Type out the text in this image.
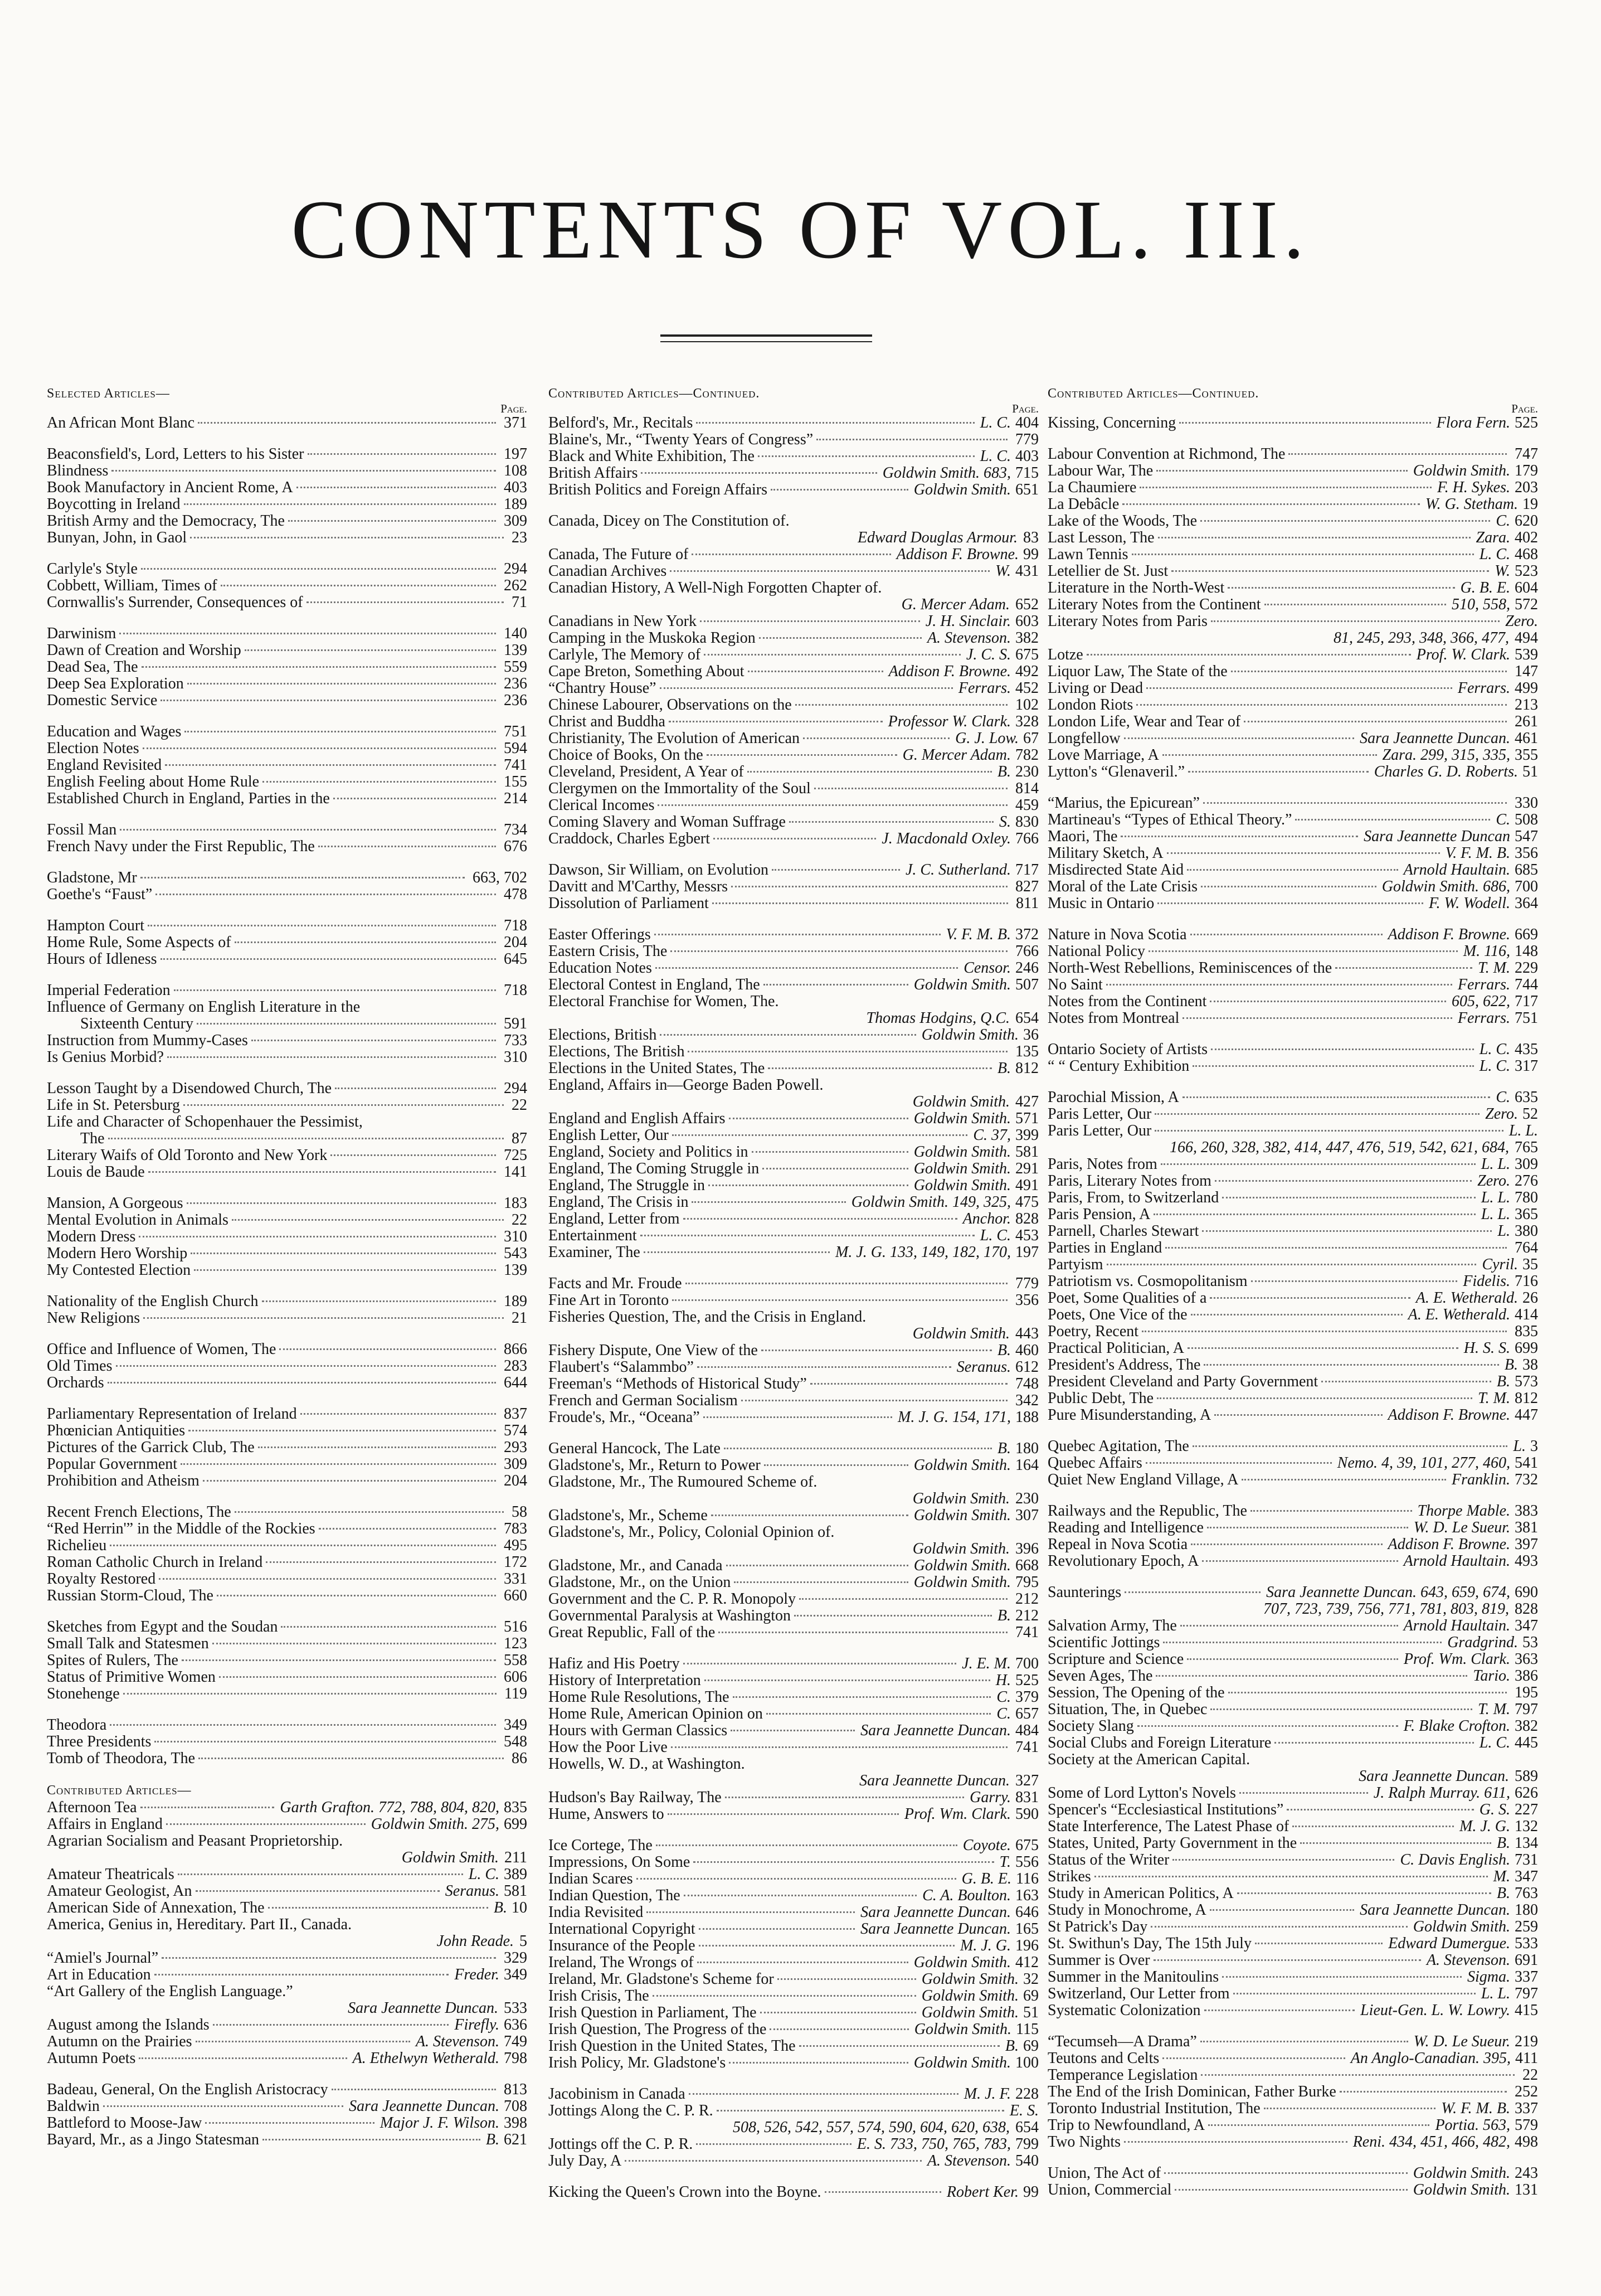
CONTENTS OF VOL. III.
Selected Articles—
Page.
An African Mont Blanc	371
Beaconsfield's, Lord, Letters to his Sister	197
Blindness	108
Book Manufactory in Ancient Rome, A	403
Boycotting in Ireland	189
British Army and the Democracy, The	309
Bunyan, John, in Gaol	23
Carlyle's Style	294
Cobbett, William, Times of	262
Cornwallis's Surrender, Consequences of	71
Darwinism	140
Dawn of Creation and Worship	139
Dead Sea, The	559
Deep Sea Exploration	236
Domestic Service	236
Education and Wages	751
Election Notes	594
England Revisited	741
English Feeling about Home Rule	155
Established Church in England, Parties in the	214
Fossil Man	734
French Navy under the First Republic, The	676
Gladstone, Mr	663, 702
Goethe's “Faust”	478
Hampton Court	718
Home Rule, Some Aspects of	204
Hours of Idleness	645
Imperial Federation	718
Influence of Germany on English Literature in the
Sixteenth Century	591
Instruction from Mummy-Cases	733
Is Genius Morbid?	310
Lesson Taught by a Disendowed Church, The	294
Life in St. Petersburg	22
Life and Character of Schopenhauer the Pessimist,
The	87
Literary Waifs of Old Toronto and New York	725
Louis de Baude	141
Mansion, A Gorgeous	183
Mental Evolution in Animals	22
Modern Dress	310
Modern Hero Worship	543
My Contested Election	139
Nationality of the English Church	189
New Religions	21
Office and Influence of Women, The	866
Old Times	283
Orchards	644
Parliamentary Representation of Ireland	837
Phœnician Antiquities	574
Pictures of the Garrick Club, The	293
Popular Government	309
Prohibition and Atheism	204
Recent French Elections, The	58
“Red Herrin'” in the Middle of the Rockies	783
Richelieu	495
Roman Catholic Church in Ireland	172
Royalty Restored	331
Russian Storm-Cloud, The	660
Sketches from Egypt and the Soudan	516
Small Talk and Statesmen	123
Spites of Rulers, The	558
Status of Primitive Women	606
Stonehenge	119
Theodora	349
Three Presidents	548
Tomb of Theodora, The	86
Contributed Articles—
Afternoon Tea	Garth Grafton. 772, 788, 804, 820, 835
Affairs in England	Goldwin Smith. 275, 699
Agrarian Socialism and Peasant Proprietorship.
Goldwin Smith. 211
Amateur Theatricals	L. C. 389
Amateur Geologist, An	Seranus. 581
American Side of Annexation, The	B. 10
America, Genius in, Hereditary. Part II., Canada.
John Reade. 5
“Amiel's Journal”	329
Art in Education	Freder. 349
“Art Gallery of the English Language.”
Sara Jeannette Duncan. 533
August among the Islands	Firefly. 636
Autumn on the Prairies	A. Stevenson. 749
Autumn Poets	A. Ethelwyn Wetherald. 798
Badeau, General, On the English Aristocracy	813
Baldwin	Sara Jeannette Duncan. 708
Battleford to Moose-Jaw	Major J. F. Wilson. 398
Bayard, Mr., as a Jingo Statesman	B. 621
Contributed Articles—Continued.
Page.
Belford's, Mr., Recitals	L. C. 404
Blaine's, Mr., “Twenty Years of Congress”	779
Black and White Exhibition, The	L. C. 403
British Affairs	Goldwin Smith. 683, 715
British Politics and Foreign Affairs	Goldwin Smith. 651
Canada, Dicey on The Constitution of.
Edward Douglas Armour. 83
Canada, The Future of	Addison F. Browne. 99
Canadian Archives	W. 431
Canadian History, A Well-Nigh Forgotten Chapter of.
G. Mercer Adam. 652
Canadians in New York	J. H. Sinclair. 603
Camping in the Muskoka Region	A. Stevenson. 382
Carlyle, The Memory of	J. C. S. 675
Cape Breton, Something About	Addison F. Browne. 492
“Chantry House”	Ferrars. 452
Chinese Labourer, Observations on the	102
Christ and Buddha	Professor W. Clark. 328
Christianity, The Evolution of American	G. J. Low. 67
Choice of Books, On the	G. Mercer Adam. 782
Cleveland, President, A Year of	B. 230
Clergymen on the Immortality of the Soul	814
Clerical Incomes	459
Coming Slavery and Woman Suffrage	S. 830
Craddock, Charles Egbert	J. Macdonald Oxley. 766
Dawson, Sir William, on Evolution	J. C. Sutherland. 717
Davitt and M'Carthy, Messrs	827
Dissolution of Parliament	811
Easter Offerings	V. F. M. B. 372
Eastern Crisis, The	766
Education Notes	Censor. 246
Electoral Contest in England, The	Goldwin Smith. 507
Electoral Franchise for Women, The.
Thomas Hodgins, Q.C. 654
Elections, British	Goldwin Smith. 36
Elections, The British	135
Elections in the United States, The	B. 812
England, Affairs in—George Baden Powell.
Goldwin Smith. 427
England and English Affairs	Goldwin Smith. 571
English Letter, Our	C. 37, 399
England, Society and Politics in	Goldwin Smith. 581
England, The Coming Struggle in	Goldwin Smith. 291
England, The Struggle in	Goldwin Smith. 491
England, The Crisis in	Goldwin Smith. 149, 325, 475
England, Letter from	Anchor. 828
Entertainment	L. C. 453
Examiner, The	M. J. G. 133, 149, 182, 170, 197
Facts and Mr. Froude	779
Fine Art in Toronto	356
Fisheries Question, The, and the Crisis in England.
Goldwin Smith. 443
Fishery Dispute, One View of the	B. 460
Flaubert's “Salammbo”	Seranus. 612
Freeman's “Methods of Historical Study”	748
French and German Socialism	342
Froude's, Mr., “Oceana”	M. J. G. 154, 171, 188
General Hancock, The Late	B. 180
Gladstone's, Mr., Return to Power	Goldwin Smith. 164
Gladstone, Mr., The Rumoured Scheme of.
Goldwin Smith. 230
Gladstone's, Mr., Scheme	Goldwin Smith. 307
Gladstone's, Mr., Policy, Colonial Opinion of.
Goldwin Smith. 396
Gladstone, Mr., and Canada	Goldwin Smith. 668
Gladstone, Mr., on the Union	Goldwin Smith. 795
Government and the C. P. R. Monopoly	212
Governmental Paralysis at Washington	B. 212
Great Republic, Fall of the	741
Hafiz and His Poetry	J. E. M. 700
History of Interpretation	H. 525
Home Rule Resolutions, The	C. 379
Home Rule, American Opinion on	C. 657
Hours with German Classics	Sara Jeannette Duncan. 484
How the Poor Live	741
Howells, W. D., at Washington.
Sara Jeannette Duncan. 327
Hudson's Bay Railway, The	Garry. 831
Hume, Answers to	Prof. Wm. Clark. 590
Ice Cortege, The	Coyote. 675
Impressions, On Some	T. 556
Indian Scares	G. B. E. 116
Indian Question, The	C. A. Boulton. 163
India Revisited	Sara Jeannette Duncan. 646
International Copyright	Sara Jeannette Duncan. 165
Insurance of the People	M. J. G. 196
Ireland, The Wrongs of	Goldwin Smith. 412
Ireland, Mr. Gladstone's Scheme for	Goldwin Smith. 32
Irish Crisis, The	Goldwin Smith. 69
Irish Question in Parliament, The	Goldwin Smith. 51
Irish Question, The Progress of the	Goldwin Smith. 115
Irish Question in the United States, The	B. 69
Irish Policy, Mr. Gladstone's	Goldwin Smith. 100
Jacobinism in Canada	M. J. F. 228
Jottings Along the C. P. R.	E. S.
508, 526, 542, 557, 574, 590, 604, 620, 638, 654
Jottings off the C. P. R.	E. S. 733, 750, 765, 783, 799
July Day, A	A. Stevenson. 540
Kicking the Queen's Crown into the Boyne.	Robert Ker. 99
Contributed Articles—Continued.
Page.
Kissing, Concerning	Flora Fern. 525
Labour Convention at Richmond, The	747
Labour War, The	Goldwin Smith. 179
La Chaumiere	F. H. Sykes. 203
La Debâcle	W. G. Stetham. 19
Lake of the Woods, The	C. 620
Last Lesson, The	Zara. 402
Lawn Tennis	L. C. 468
Letellier de St. Just	W. 523
Literature in the North-West	G. B. E. 604
Literary Notes from the Continent	510, 558, 572
Literary Notes from Paris	Zero.
81, 245, 293, 348, 366, 477, 494
Lotze	Prof. W. Clark. 539
Liquor Law, The State of the	147
Living or Dead	Ferrars. 499
London Riots	213
London Life, Wear and Tear of	261
Longfellow	Sara Jeannette Duncan. 461
Love Marriage, A	Zara. 299, 315, 335, 355
Lytton's “Glenaveril.”	Charles G. D. Roberts. 51
“Marius, the Epicurean”	330
Martineau's “Types of Ethical Theory.”	C. 508
Maori, The	Sara Jeannette Duncan 547
Military Sketch, A	V. F. M. B. 356
Misdirected State Aid	Arnold Haultain. 685
Moral of the Late Crisis	Goldwin Smith. 686, 700
Music in Ontario	F. W. Wodell. 364
Nature in Nova Scotia	Addison F. Browne. 669
National Policy	M. 116, 148
North-West Rebellions, Reminiscences of the	T. M. 229
No Saint	Ferrars. 744
Notes from the Continent	605, 622, 717
Notes from Montreal	Ferrars. 751
Ontario Society of Artists	L. C. 435
“ “ Century Exhibition	L. C. 317
Parochial Mission, A	C. 635
Paris Letter, Our	Zero. 52
Paris Letter, Our	L. L.
166, 260, 328, 382, 414, 447, 476, 519, 542, 621, 684, 765
Paris, Notes from	L. L. 309
Paris, Literary Notes from	Zero. 276
Paris, From, to Switzerland	L. L. 780
Paris Pension, A	L. L. 365
Parnell, Charles Stewart	L. 380
Parties in England	764
Partyism	Cyril. 35
Patriotism vs. Cosmopolitanism	Fidelis. 716
Poet, Some Qualities of a	A. E. Wetherald. 26
Poets, One Vice of the	A. E. Wetherald. 414
Poetry, Recent	835
Practical Politician, A	H. S. S. 699
President's Address, The	B. 38
President Cleveland and Party Government	B. 573
Public Debt, The	T. M. 812
Pure Misunderstanding, A	Addison F. Browne. 447
Quebec Agitation, The	L. 3
Quebec Affairs	Nemo. 4, 39, 101, 277, 460, 541
Quiet New England Village, A	Franklin. 732
Railways and the Republic, The	Thorpe Mable. 383
Reading and Intelligence	W. D. Le Sueur. 381
Repeal in Nova Scotia	Addison F. Browne. 397
Revolutionary Epoch, A	Arnold Haultain. 493
Saunterings	Sara Jeannette Duncan. 643, 659, 674, 690
707, 723, 739, 756, 771, 781, 803, 819, 828
Salvation Army, The	Arnold Haultain. 347
Scientific Jottings	Gradgrind. 53
Scripture and Science	Prof. Wm. Clark. 363
Seven Ages, The	Tario. 386
Session, The Opening of the	195
Situation, The, in Quebec	T. M. 797
Society Slang	F. Blake Crofton. 382
Social Clubs and Foreign Literature	L. C. 445
Society at the American Capital.
Sara Jeannette Duncan. 589
Some of Lord Lytton's Novels	J. Ralph Murray. 611, 626
Spencer's “Ecclesiastical Institutions”	G. S. 227
State Interference, The Latest Phase of	M. J. G. 132
States, United, Party Government in the	B. 134
Status of the Writer	C. Davis English. 731
Strikes	M. 347
Study in American Politics, A	B. 763
Study in Monochrome, A	Sara Jeannette Duncan. 180
St Patrick's Day	Goldwin Smith. 259
St. Swithun's Day, The 15th July	Edward Dumergue. 533
Summer is Over	A. Stevenson. 691
Summer in the Manitoulins	Sigma. 337
Switzerland, Our Letter from	L. L. 797
Systematic Colonization	Lieut-Gen. L. W. Lowry. 415
“Tecumseh—A Drama”	W. D. Le Sueur. 219
Teutons and Celts	An Anglo-Canadian. 395, 411
Temperance Legislation	22
The End of the Irish Dominican, Father Burke	252
Toronto Industrial Institution, The	W. F. M. B. 337
Trip to Newfoundland, A	Portia. 563, 579
Two Nights	Reni. 434, 451, 466, 482, 498
Union, The Act of	Goldwin Smith. 243
Union, Commercial	Goldwin Smith. 131
